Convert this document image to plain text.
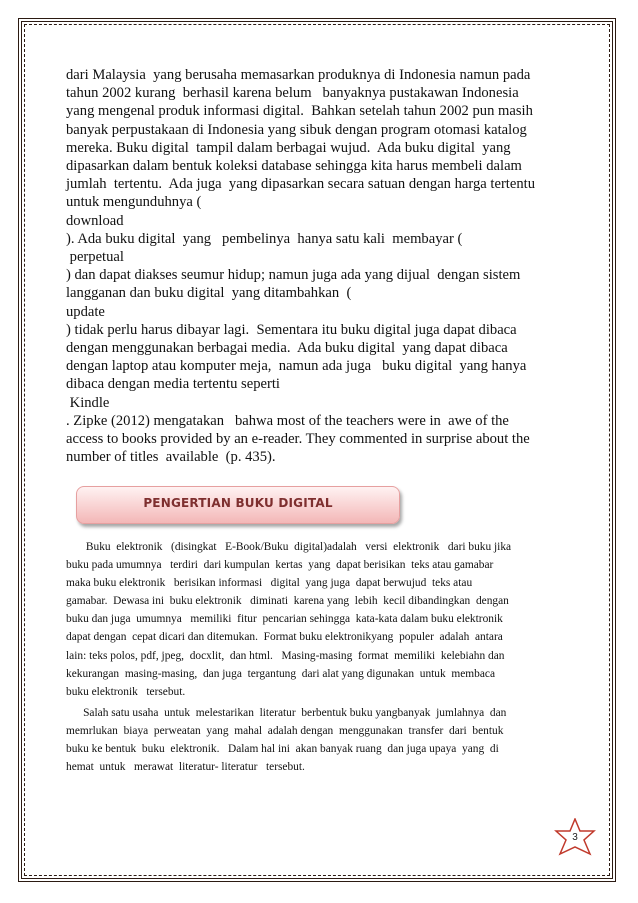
dari Malaysia  yang berusaha memasarkan produknya di Indonesia namun pada
tahun 2002 kurang  berhasil karena belum   banyaknya pustakawan Indonesia
yang mengenal produk informasi digital.  Bahkan setelah tahun 2002 pun masih
banyak perpustakaan di Indonesia yang sibuk dengan program otomasi katalog
mereka. Buku digital  tampil dalam berbagai wujud.  Ada buku digital  yang
dipasarkan dalam bentuk koleksi database sehingga kita harus membeli dalam
jumlah  tertentu.  Ada juga  yang dipasarkan secara satuan dengan harga tertentu
untuk mengunduhnya (
download
). Ada buku digital  yang   pembelinya  hanya satu kali  membayar (
perpetual
) dan dapat diakses seumur hidup; namun juga ada yang dijual  dengan sistem
langganan dan buku digital  yang ditambahkan  (
update
) tidak perlu harus dibayar lagi.  Sementara itu buku digital juga dapat dibaca
dengan menggunakan berbagai media.  Ada buku digital  yang dapat dibaca
dengan laptop atau komputer meja,  namun ada juga   buku digital  yang hanya
dibaca dengan media tertentu seperti
Kindle
. Zipke (2012) mengatakan   bahwa most of the teachers were in  awe of the
access to books provided by an e-reader. They commented in surprise about the
number of titles  available  (p. 435).
PENGERTIAN BUKU DIGITAL
Buku  elektronik   (disingkat   E-Book/Buku  digital)adalah   versi  elektronik   dari buku jika
buku pada umumnya   terdiri  dari kumpulan  kertas  yang  dapat berisikan  teks atau gamabar
maka buku elektronik   berisikan informasi   digital  yang juga  dapat berwujud  teks atau
gamabar.  Dewasa ini  buku elektronik   diminati  karena yang  lebih  kecil dibandingkan  dengan
buku dan juga  umumnya   memiliki  fitur  pencarian sehingga  kata-kata dalam buku elektronik
dapat dengan  cepat dicari dan ditemukan.  Format buku elektronikyang  populer  adalah  antara
lain: teks polos, pdf, jpeg,  docxlit,  dan html.   Masing-masing  format  memiliki  kelebiahn dan
kekurangan  masing-masing,  dan juga  tergantung  dari alat yang digunakan  untuk  membaca
buku elektronik   tersebut.
Salah satu usaha  untuk  melestarikan  literatur  berbentuk buku yangbanyak  jumlahnya  dan
memrlukan  biaya  perweatan  yang  mahal  adalah dengan  menggunakan  transfer  dari  bentuk
buku ke bentuk  buku  elektronik.   Dalam hal ini  akan banyak ruang  dan juga upaya  yang  di
hemat  untuk   merawat  literatur- literatur   tersebut.
3
